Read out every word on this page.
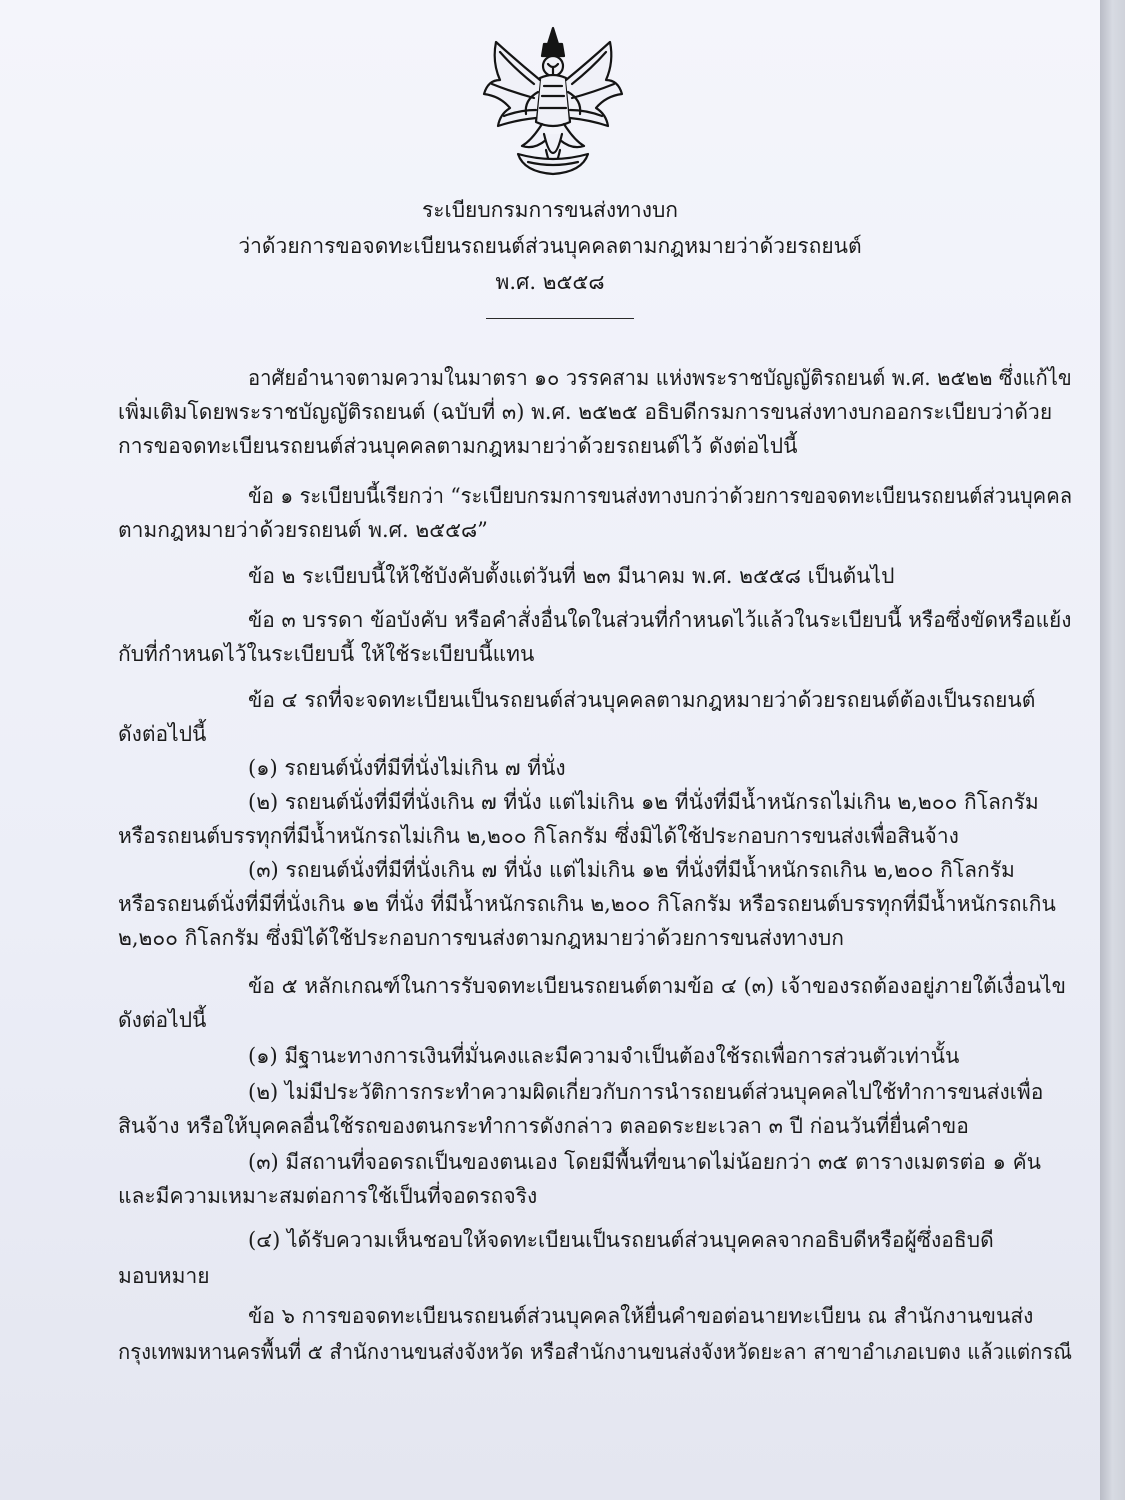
ระเบียบกรมการขนส่งทางบก
ว่าด้วยการขอจดทะเบียนรถยนต์ส่วนบุคคลตามกฎหมายว่าด้วยรถยนต์
พ.ศ. ๒๕๕๘
อาศัยอำนาจตามความในมาตรา ๑๐ วรรคสาม แห่งพระราชบัญญัติรถยนต์ พ.ศ. ๒๕๒๒ ซึ่งแก้ไข
เพิ่มเติมโดยพระราชบัญญัติรถยนต์ (ฉบับที่ ๓) พ.ศ. ๒๕๒๕ อธิบดีกรมการขนส่งทางบกออกระเบียบว่าด้วย
การขอจดทะเบียนรถยนต์ส่วนบุคคลตามกฎหมายว่าด้วยรถยนต์ไว้ ดังต่อไปนี้
ข้อ ๑ ระเบียบนี้เรียกว่า “ระเบียบกรมการขนส่งทางบกว่าด้วยการขอจดทะเบียนรถยนต์ส่วนบุคคล
ตามกฎหมายว่าด้วยรถยนต์ พ.ศ. ๒๕๕๘”
ข้อ ๒ ระเบียบนี้ให้ใช้บังคับตั้งแต่วันที่ ๒๓ มีนาคม พ.ศ. ๒๕๕๘ เป็นต้นไป
ข้อ ๓ บรรดา ข้อบังคับ หรือคำสั่งอื่นใดในส่วนที่กำหนดไว้แล้วในระเบียบนี้ หรือซึ่งขัดหรือแย้ง
กับที่กำหนดไว้ในระเบียบนี้ ให้ใช้ระเบียบนี้แทน
ข้อ ๔ รถที่จะจดทะเบียนเป็นรถยนต์ส่วนบุคคลตามกฎหมายว่าด้วยรถยนต์ต้องเป็นรถยนต์
ดังต่อไปนี้
(๑) รถยนต์นั่งที่มีที่นั่งไม่เกิน ๗ ที่นั่ง
(๒) รถยนต์นั่งที่มีที่นั่งเกิน ๗ ที่นั่ง แต่ไม่เกิน ๑๒ ที่นั่งที่มีน้ำหนักรถไม่เกิน ๒,๒๐๐ กิโลกรัม
หรือรถยนต์บรรทุกที่มีน้ำหนักรถไม่เกิน ๒,๒๐๐ กิโลกรัม ซึ่งมิได้ใช้ประกอบการขนส่งเพื่อสินจ้าง
(๓) รถยนต์นั่งที่มีที่นั่งเกิน ๗ ที่นั่ง แต่ไม่เกิน ๑๒ ที่นั่งที่มีน้ำหนักรถเกิน ๒,๒๐๐ กิโลกรัม
หรือรถยนต์นั่งที่มีที่นั่งเกิน ๑๒ ที่นั่ง ที่มีน้ำหนักรถเกิน ๒,๒๐๐ กิโลกรัม หรือรถยนต์บรรทุกที่มีน้ำหนักรถเกิน
๒,๒๐๐ กิโลกรัม ซึ่งมิได้ใช้ประกอบการขนส่งตามกฎหมายว่าด้วยการขนส่งทางบก
ข้อ ๕ หลักเกณฑ์ในการรับจดทะเบียนรถยนต์ตามข้อ ๔ (๓) เจ้าของรถต้องอยู่ภายใต้เงื่อนไข
ดังต่อไปนี้
(๑) มีฐานะทางการเงินที่มั่นคงและมีความจำเป็นต้องใช้รถเพื่อการส่วนตัวเท่านั้น
(๒) ไม่มีประวัติการกระทำความผิดเกี่ยวกับการนำรถยนต์ส่วนบุคคลไปใช้ทำการขนส่งเพื่อ
สินจ้าง หรือให้บุคคลอื่นใช้รถของตนกระทำการดังกล่าว ตลอดระยะเวลา ๓ ปี ก่อนวันที่ยื่นคำขอ
(๓) มีสถานที่จอดรถเป็นของตนเอง โดยมีพื้นที่ขนาดไม่น้อยกว่า ๓๕ ตารางเมตรต่อ ๑ คัน
และมีความเหมาะสมต่อการใช้เป็นที่จอดรถจริง
(๔) ได้รับความเห็นชอบให้จดทะเบียนเป็นรถยนต์ส่วนบุคคลจากอธิบดีหรือผู้ซึ่งอธิบดี
มอบหมาย
ข้อ ๖ การขอจดทะเบียนรถยนต์ส่วนบุคคลให้ยื่นคำขอต่อนายทะเบียน ณ สำนักงานขนส่ง
กรุงเทพมหานครพื้นที่ ๕ สำนักงานขนส่งจังหวัด หรือสำนักงานขนส่งจังหวัดยะลา สาขาอำเภอเบตง แล้วแต่กรณี
